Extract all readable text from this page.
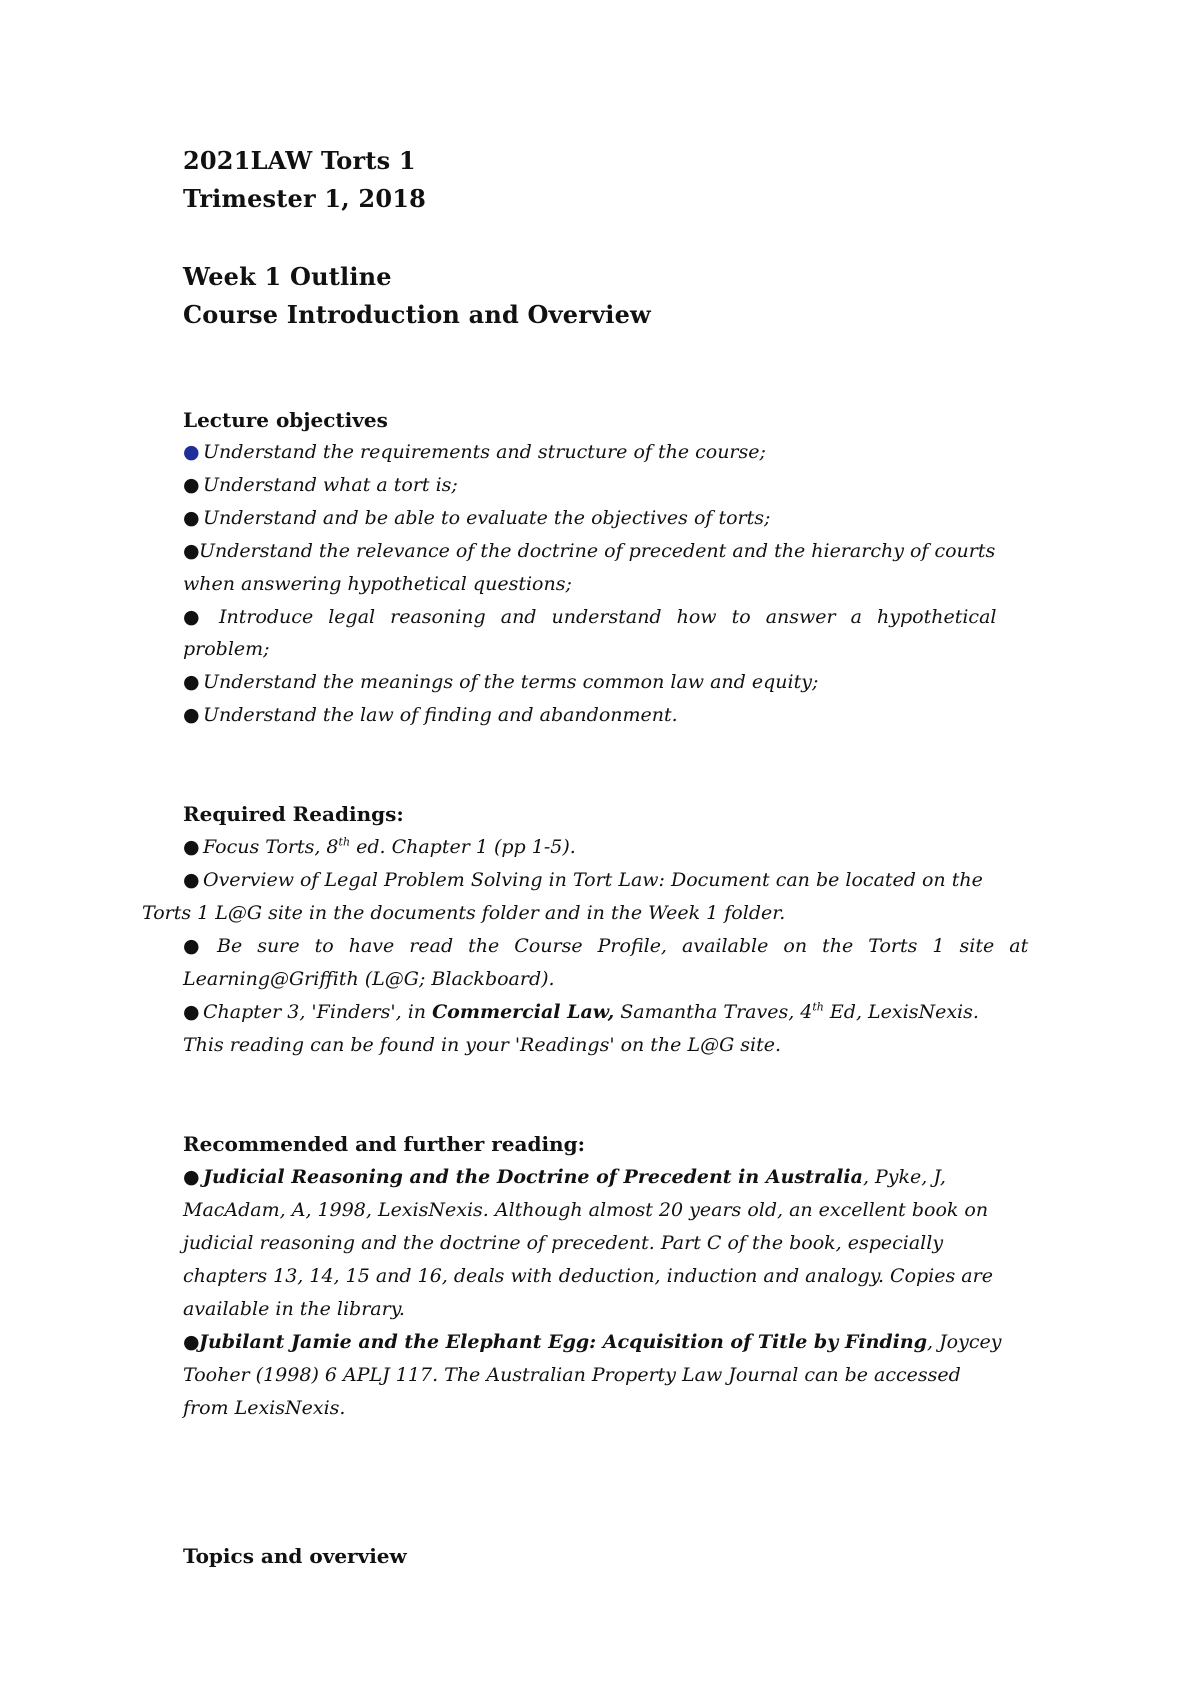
2021LAW Torts 1
Trimester 1, 2018
Week 1 Outline
Course Introduction and Overview
Lecture objectives
● Understand the requirements and structure of the course;
● Understand what a tort is;
● Understand and be able to evaluate the objectives of torts;
●Understand the relevance of the doctrine of precedent and the hierarchy of courts
when answering hypothetical questions;
● Introduce legal reasoning and understand how to answer a hypothetical
problem;
● Understand the meanings of the terms common law and equity;
● Understand the law of finding and abandonment.
Required Readings:
● Focus Torts, 8th ed. Chapter 1 (pp 1-5).
● Overview of Legal Problem Solving in Tort Law: Document can be located on the
Torts 1 L@G site in the documents folder and in the Week 1 folder.
● Be sure to have read the Course Profile, available on the Torts 1 site at
Learning@Griffith (L@G; Blackboard).
● Chapter 3, 'Finders', in Commercial Law, Samantha Traves, 4th Ed, LexisNexis.
This reading can be found in your 'Readings' on the L@G site.
Recommended and further reading:
● Judicial Reasoning and the Doctrine of Precedent in Australia, Pyke, J,
MacAdam, A, 1998, LexisNexis. Although almost 20 years old, an excellent book on
judicial reasoning and the doctrine of precedent. Part C of the book, especially
chapters 13, 14, 15 and 16, deals with deduction, induction and analogy. Copies are
available in the library.
●Jubilant Jamie and the Elephant Egg: Acquisition of Title by Finding, Joycey
Tooher (1998) 6 APLJ 117. The Australian Property Law Journal can be accessed
from LexisNexis.
Topics and overview
